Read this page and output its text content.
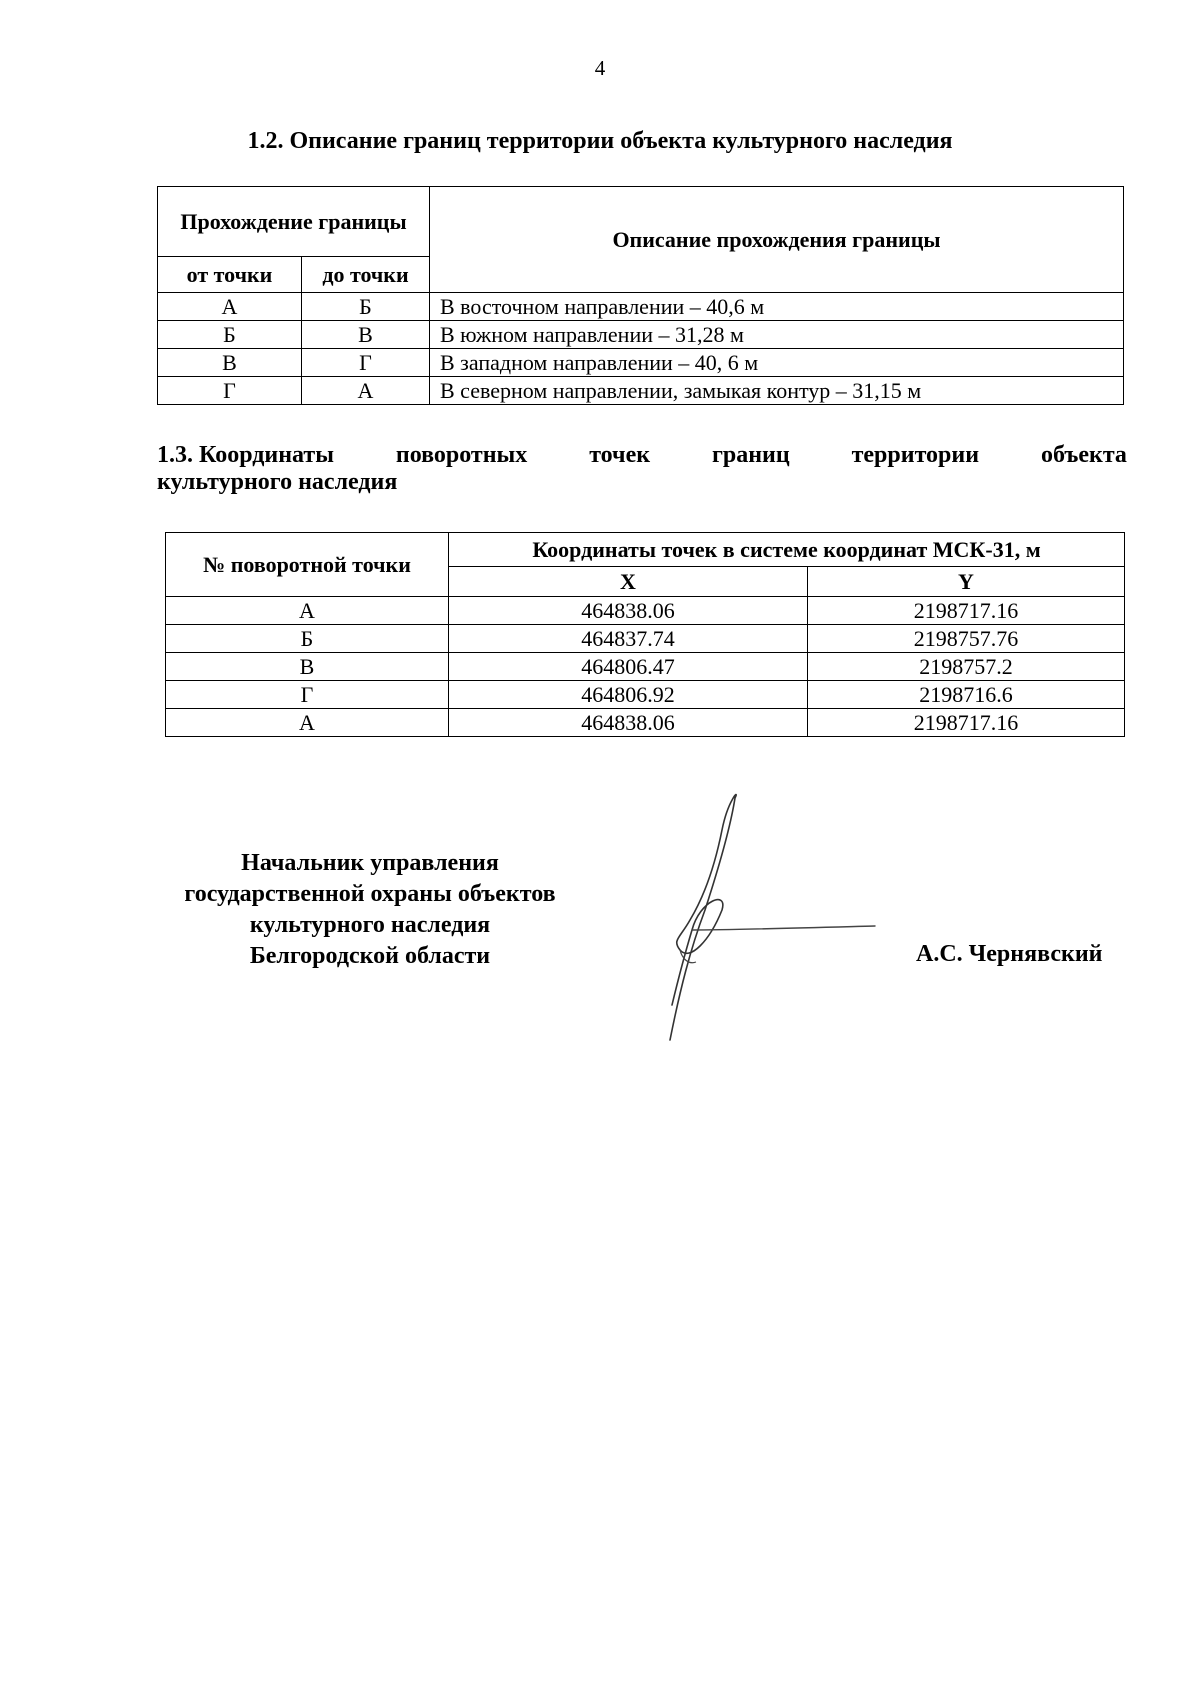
4
1.2. Описание границ территории объекта культурного наследия
Прохождение границы		Описание прохождения границы
от точки	до точки	
А	Б	В восточном направлении – 40,6 м
Б	В	В южном направлении – 31,28 м
В	Г	В западном направлении – 40, 6 м
Г	А	В северном направлении, замыкая контур – 31,15 м
1.3. Координаты	поворотных	точек	границ	территории	объекта
культурного наследия
№ поворотной точки	Координаты точек в системе координат МСК-31, м	
	X	Y
А	464838.06	2198717.16
Б	464837.74	2198757.76
В	464806.47	2198757.2
Г	464806.92	2198716.6
А	464838.06	2198717.16
Начальник управления
государственной охраны объектов
культурного наследия
Белгородской области	А.С. Чернявский
